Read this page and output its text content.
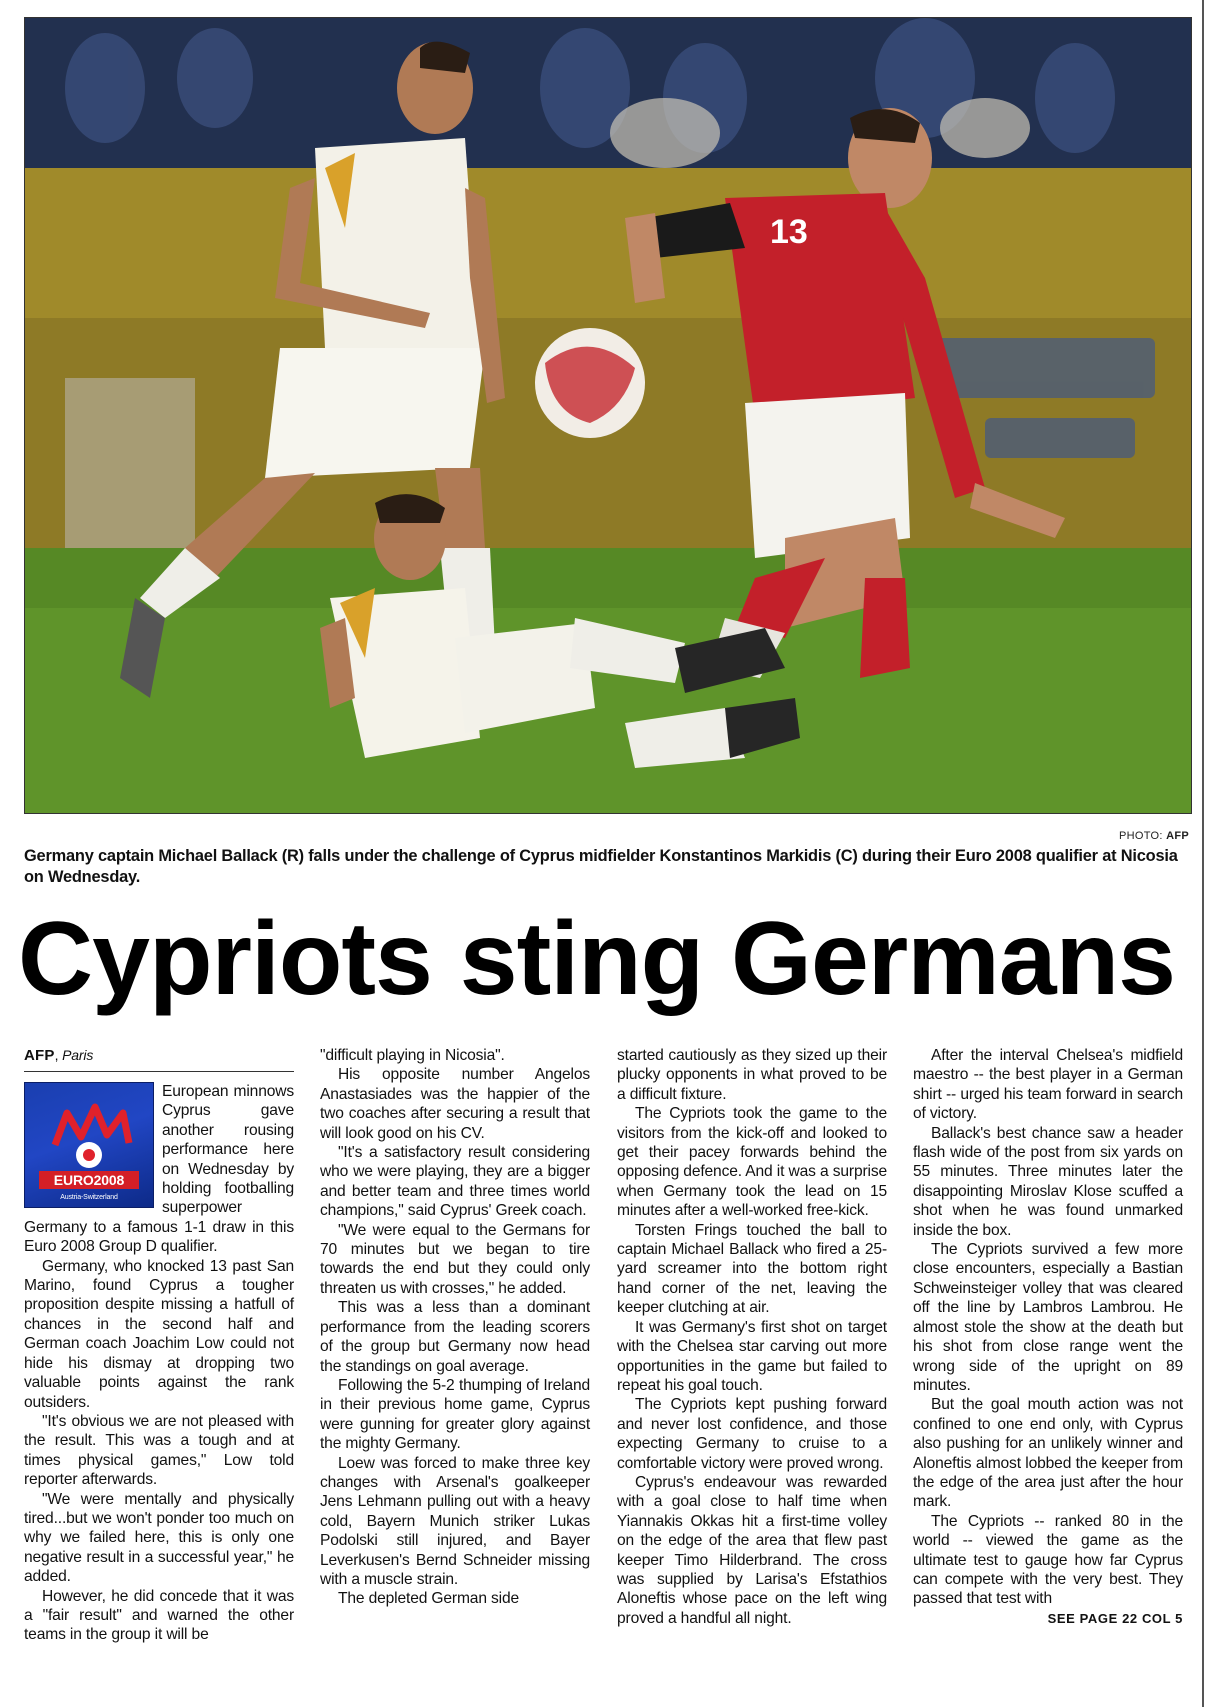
13
PHOTO: AFP
Germany captain Michael Ballack (R) falls under the challenge of Cyprus midfielder Konstantinos Markidis (C) during their Euro 2008 qualifier at Nicosia on Wednesday.
Cypriots sting Germans
AFP, Paris
EURO2008
Austria-Switzerland

European minnows Cyprus gave another rousing performance here on Wednesday by holding footballing superpower Germany to a famous 1-1 draw in this Euro 2008 Group D qualifier.

Germany, who knocked 13 past San Marino, found Cyprus a tougher proposition despite missing a hatfull of chances in the second half and German coach Joachim Low could not hide his dismay at dropping two valuable points against the rank outsiders.

"It's obvious we are not pleased with the result. This was a tough and at times physical games," Low told reporter afterwards.

"We were mentally and physically tired...but we won't ponder too much on why we failed here, this is only one negative result in a successful year," he added.

However, he did concede that it was a "fair result" and warned the other teams in the group it will be

"difficult playing in Nicosia".

His opposite number Angelos Anastasiades was the happier of the two coaches after securing a result that will look good on his CV.

"It's a satisfactory result considering who we were playing, they are a bigger and better team and three times world champions," said Cyprus' Greek coach.

"We were equal to the Germans for 70 minutes but we began to tire towards the end but they could only threaten us with crosses," he added.

This was a less than a dominant performance from the leading scorers of the group but Germany now head the standings on goal average.

Following the 5-2 thumping of Ireland in their previous home game, Cyprus were gunning for greater glory against the mighty Germany.

Loew was forced to make three key changes with Arsenal's goalkeeper Jens Lehmann pulling out with a heavy cold, Bayern Munich striker Lukas Podolski still injured, and Bayer Leverkusen's Bernd Schneider missing with a muscle strain.

The depleted German side

started cautiously as they sized up their plucky opponents in what proved to be a difficult fixture.

The Cypriots took the game to the visitors from the kick-off and looked to get their pacey forwards behind the opposing defence. And it was a surprise when Germany took the lead on 15 minutes after a well-worked free-kick.

Torsten Frings touched the ball to captain Michael Ballack who fired a 25-yard screamer into the bottom right hand corner of the net, leaving the keeper clutching at air.

It was Germany's first shot on target with the Chelsea star carving out more opportunities in the game but failed to repeat his goal touch.

The Cypriots kept pushing forward and never lost confidence, and those expecting Germany to cruise to a comfortable victory were proved wrong.

Cyprus's endeavour was rewarded with a goal close to half time when Yiannakis Okkas hit a first-time volley on the edge of the area that flew past keeper Timo Hilderbrand. The cross was supplied by Larisa's Efstathios Aloneftis whose pace on the left wing proved a handful all night.

After the interval Chelsea's midfield maestro -- the best player in a German shirt -- urged his team forward in search of victory.

Ballack's best chance saw a header flash wide of the post from six yards on 55 minutes. Three minutes later the disappointing Miroslav Klose scuffed a shot when he was found unmarked inside the box.

The Cypriots survived a few more close encounters, especially a Bastian Schweinsteiger volley that was cleared off the line by Lambros Lambrou. He almost stole the show at the death but his shot from close range went the wrong side of the upright on 89 minutes.

But the goal mouth action was not confined to one end only, with Cyprus also pushing for an unlikely winner and Aloneftis almost lobbed the keeper from the edge of the area just after the hour mark.

The Cypriots -- ranked 80 in the world -- viewed the game as the ultimate test to gauge how far Cyprus can compete with the very best. They passed that test with

SEE PAGE 22 COL 5
